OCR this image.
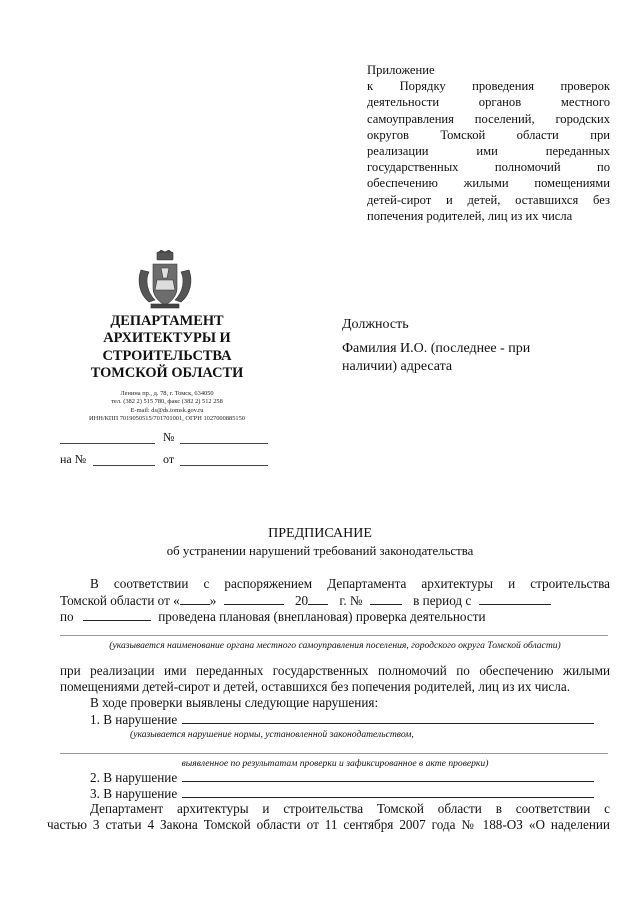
Приложение
к Порядку проведения проверок
деятельности органов местного
самоуправления поселений, городских
округов Томской области при
реализации ими переданных
государственных полномочий по
обеспечению жилыми помещениями
детей-сирот и детей, оставшихся без
попечения родителей, лиц из их числа
ДЕПАРТАМЕНТ
АРХИТЕКТУРЫ И
СТРОИТЕЛЬСТВА
ТОМСКОЙ ОБЛАСТИ
Ленина пр., д. 78, г. Томск, 634050
тел. (382 2) 515 780, факс (382 2) 512 258
E-mail: ds@ds.tomsk.gov.ru
ИНН/КПП 7019050515/701701001, ОГРН 1027000885150
№
на №	от
Должность
Фамилия И.О. (последнее - при
наличии) адресата
ПРЕДПИСАНИЕ
об устранении нарушений требований законодательства
В соответствии с распоряжением Департамента архитектуры и строительства
Томской области от « »	20 г. №	в период с
по	проведена плановая (внеплановая) проверка деятельности
(указывается наименование органа местного самоуправления поселения, городского округа Томской области)
при реализации ими переданных государственных полномочий по обеспечению жилыми
помещениями детей-сирот и детей, оставшихся без попечения родителей, лиц из их числа.
В ходе проверки выявлены следующие нарушения:
1. В нарушение
(указывается нарушение нормы, установленной законодательством,
выявленное по результатам проверки и зафиксированное в акте проверки)
2. В нарушение
3. В нарушение
Департамент архитектуры и строительства Томской области в соответствии с
частью 3 статьи 4 Закона Томской области от 11 сентября 2007 года № 188-ОЗ «О наделении
